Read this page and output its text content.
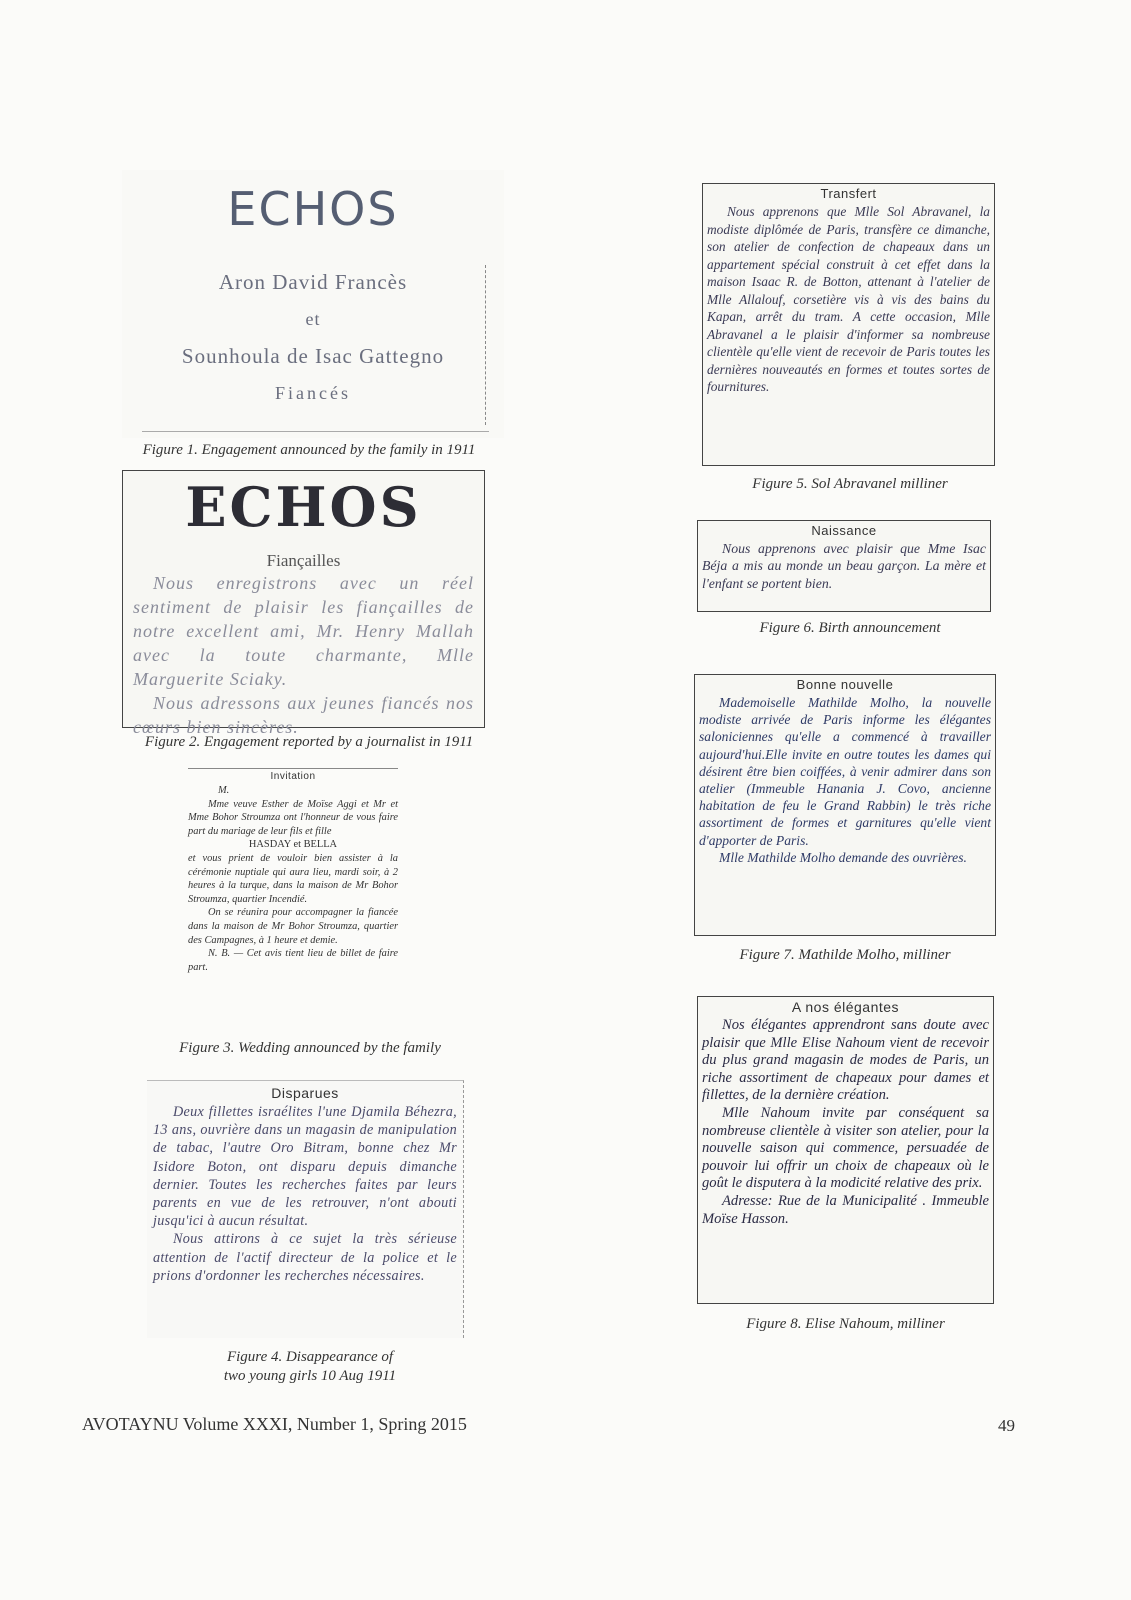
ECHOS
Aron David Francès
et
Sounhoula de Isac Gattegno
Fiancés
Figure 1. Engagement announced by the family in 1911
ECHOS
Fiançailles

Nous enregistrons avec un réel sentiment de plaisir les fiançailles de notre excellent ami, Mr. Henry Mallah avec la toute charmante, Mlle Marguerite Sciaky.

Nous adressons aux jeunes fiancés nos cœurs bien sincères.

Figure 2. Engagement reported by a journalist in 1911
Invitation

M.

Mme veuve Esther de Moïse Aggi et Mr et Mme Bohor Stroumza ont l'honneur de vous faire part du mariage de leur fils et fille

HASDAY et BELLA

et vous prient de vouloir bien assister à la cérémonie nuptiale qui aura lieu, mardi soir, à 2 heures à la turque, dans la maison de Mr Bohor Stroumza, quartier Incendié.

On se réunira pour accompagner la fiancée dans la maison de Mr Bohor Stroumza, quartier des Campagnes, à 1 heure et demie.

N. B. — Cet avis tient lieu de billet de faire part.

Figure 3. Wedding announced by the family
Disparues

Deux fillettes israélites l'une Djamila Béhezra, 13 ans, ouvrière dans un magasin de manipulation de tabac, l'autre Oro Bitram, bonne chez Mr Isidore Boton, ont disparu depuis dimanche dernier. Toutes les recherches faites par leurs parents en vue de les retrouver, n'ont abouti jusqu'ici à aucun résultat.

Nous attirons à ce sujet la très sérieuse attention de l'actif directeur de la police et le prions d'ordonner les recherches nécessaires.

Figure 4. Disappearance of
two young girls 10 Aug 1911
Transfert

Nous apprenons que Mlle Sol Abravanel, la modiste diplômée de Paris, transfère ce dimanche, son atelier de confection de chapeaux dans un appartement spécial construit à cet effet dans la maison Isaac R. de Botton, attenant à l'atelier de Mlle Allalouf, corsetière vis à vis des bains du Kapan, arrêt du tram. A cette occasion, Mlle Abravanel a le plaisir d'informer sa nombreuse clientèle qu'elle vient de recevoir de Paris toutes les dernières nouveautés en formes et toutes sortes de fournitures.

Figure 5. Sol Abravanel milliner
Naissance

Nous apprenons avec plaisir que Mme Isac Béja a mis au monde un beau garçon. La mère et l'enfant se portent bien.

Figure 6. Birth announcement
Bonne nouvelle

Mademoiselle Mathilde Molho, la nouvelle modiste arrivée de Paris informe les élégantes saloniciennes qu'elle a commencé à travailler aujourd'hui.Elle invite en outre toutes les dames qui désirent être bien coiffées, à venir admirer dans son atelier (Immeuble Hanania J. Covo, ancienne habitation de feu le Grand Rabbin) le très riche assortiment de formes et garnitures qu'elle vient d'apporter de Paris.

Mlle Mathilde Molho demande des ouvrières.

Figure 7. Mathilde Molho, milliner
A nos élégantes

Nos élégantes apprendront sans doute avec plaisir que Mlle Elise Nahoum vient de recevoir du plus grand magasin de modes de Paris, un riche assortiment de chapeaux pour dames et fillettes, de la dernière création.

Mlle Nahoum invite par conséquent sa nombreuse clientèle à visiter son atelier, pour la nouvelle saison qui commence, persuadée de pouvoir lui offrir un choix de chapeaux où le goût le disputera à la modicité relative des prix.

Adresse: Rue de la Municipalité . Immeuble Moïse Hasson.

Figure 8. Elise Nahoum, milliner
AVOTAYNU Volume XXXI, Number 1, Spring 2015	49
